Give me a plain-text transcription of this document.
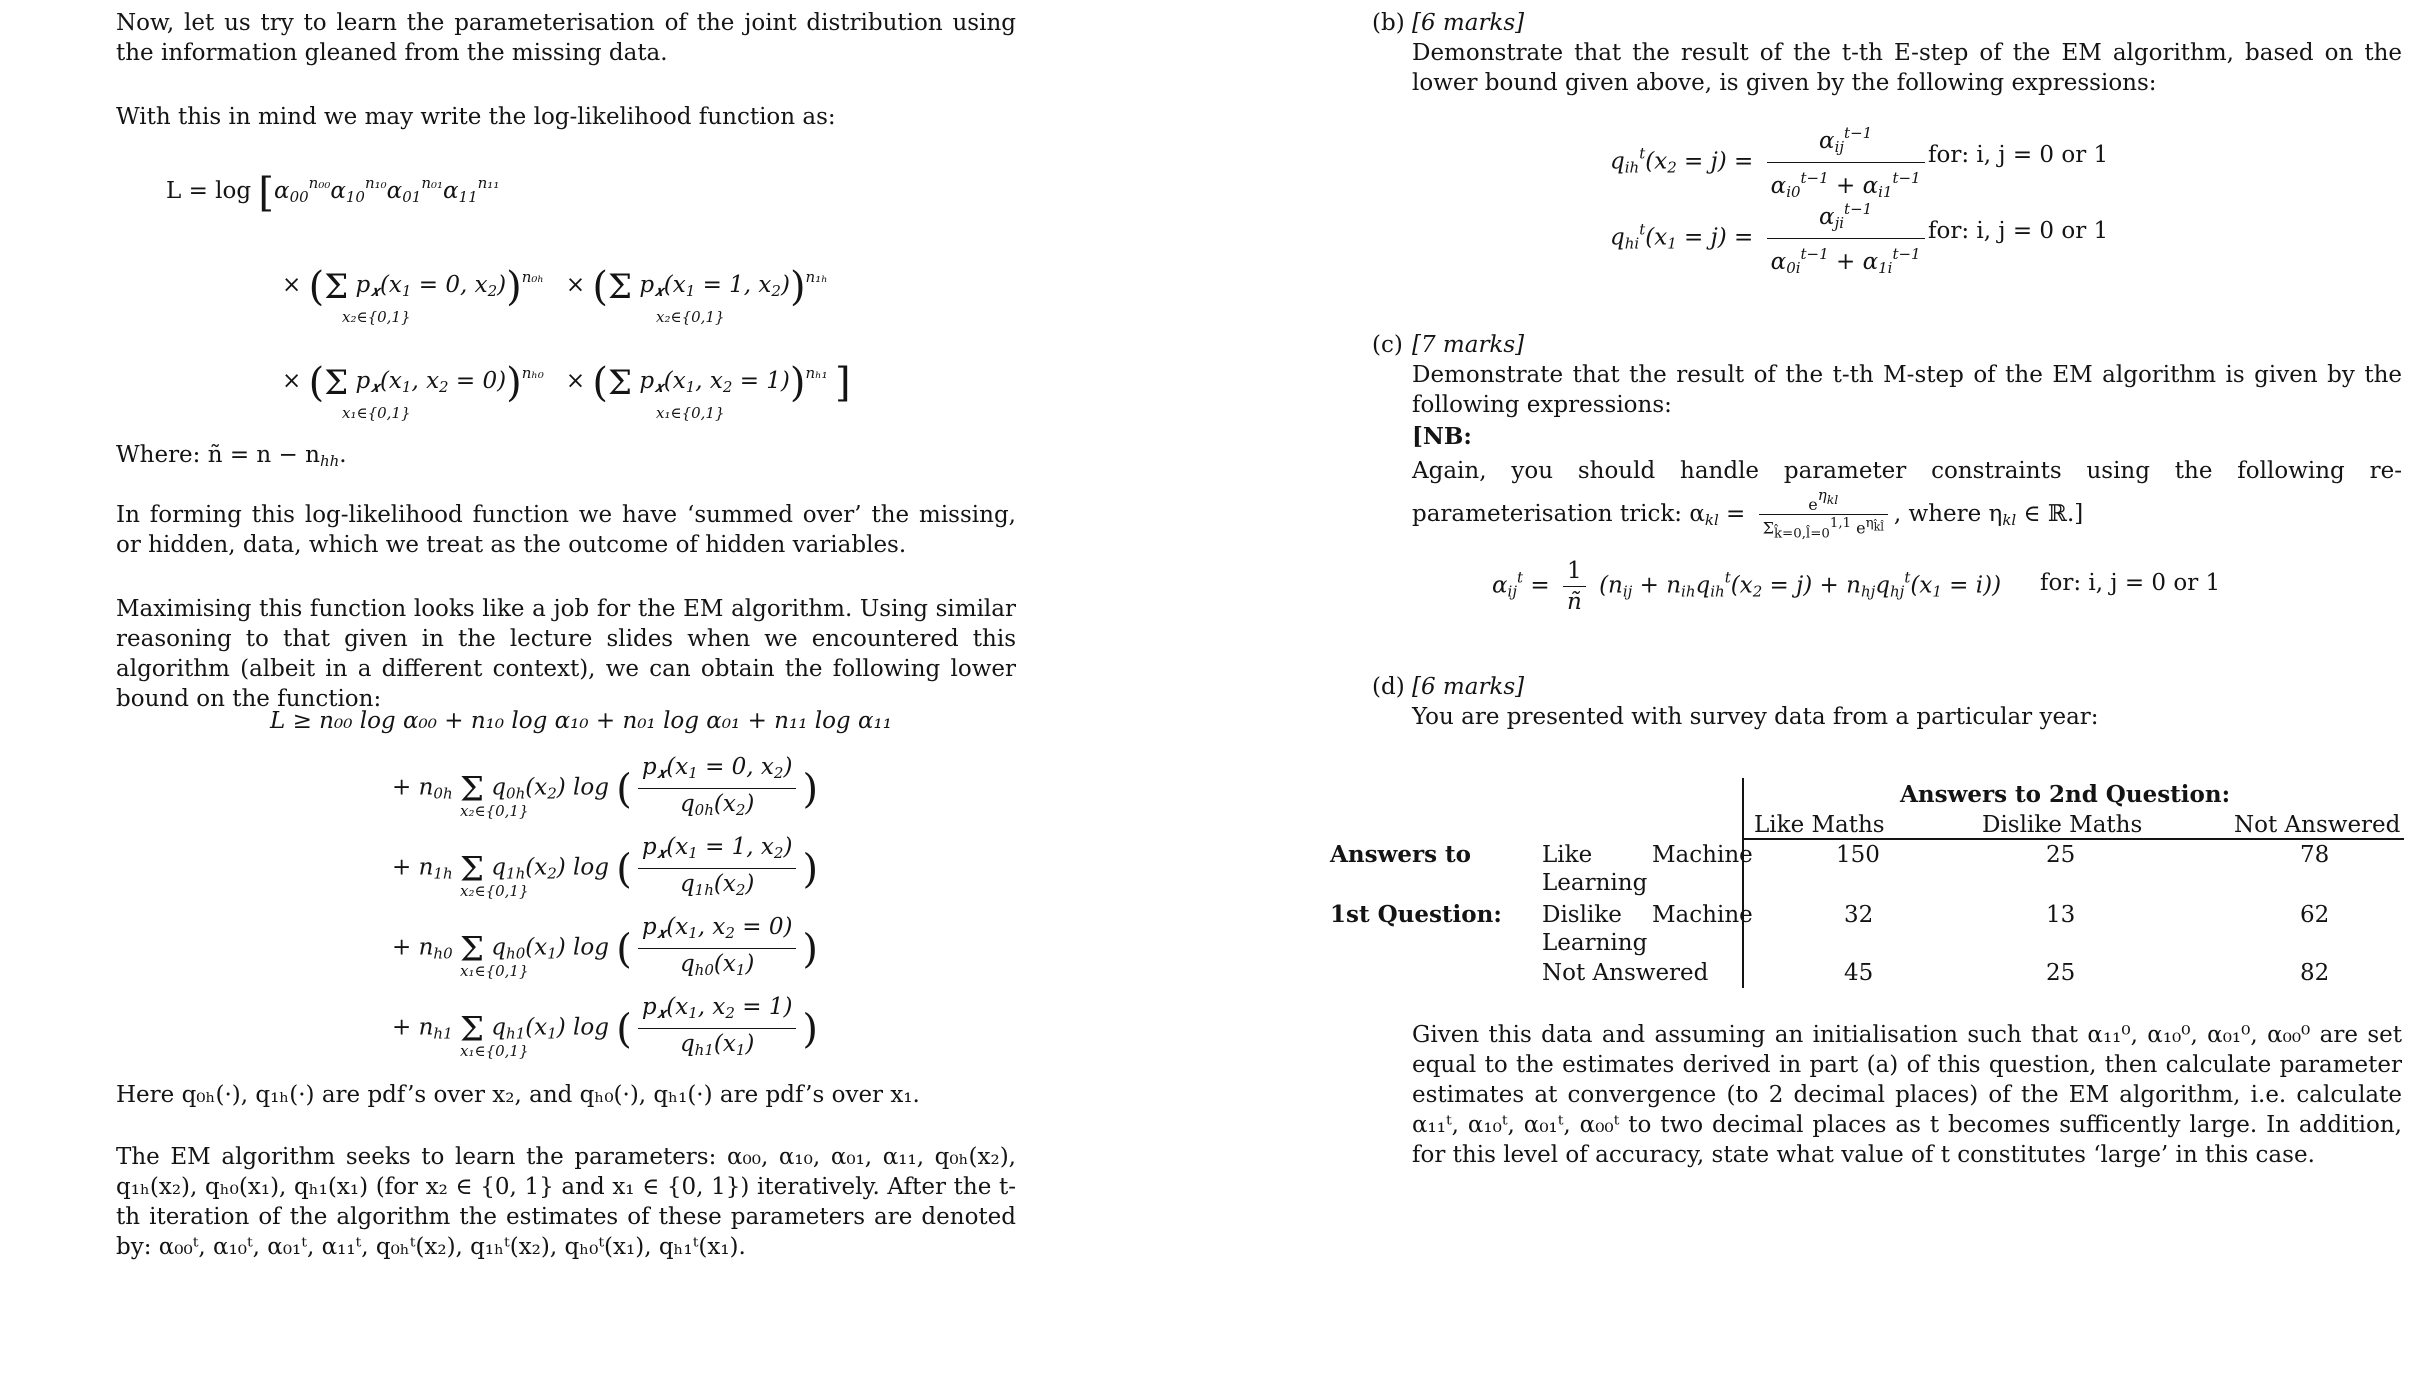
Now, let us try to learn the parameterisation of the joint distribution using the information gleaned from the missing data.

With this in mind we may write the log-likelihood function as:

$L = \log [\alpha_{00}^{n_{00}}\alpha_{10}^{n_{10}}\alpha_{01}^{n_{01}}\alpha_{11}^{n_{11}}$
× (Σ $p_𝒙(x_1 = 0$, $x_2))^{n_{0h}} \times (\Sigma$ $p_𝒙(x_1 = 1$, $x_2))^{n_{1h}}$
x₂∈{0,1}	x₂∈{0,1}
× (Σ $p_𝒙(x_1$, $x_2 = 0))^{n_{h0}} \times (\Sigma$ $p_𝒙(x_1$, $x_2 = 1))^{n_{h1}}$ ]
x₁∈{0,1}	x₁∈{0,1}

Where: ñ = $n - n_{hh}$.

In forming this log-likelihood function we have ‘summed over’ the missing, or hidden, data, which we treat as the outcome of hidden variables.

Maximising this function looks like a job for the EM algorithm. Using similar reasoning to that given in the lecture slides when we encountered this algorithm (albeit in a different context), we can obtain the following lower bound on the function:

L ≥ n₀₀ log α₀₀ + n₁₀ log α₁₀ + n₀₁ log α₀₁ + n₁₁ log α₁₁
+ $n_{0h}$ Σ $q_{0h}(x_2)$ log ( $\frac{p_𝒙(x_1 = 0, x_2)}{q_{0h}(x_2)}$ )
x₂∈{0,1}
+ $n_{1h}$ Σ $q_{1h}(x_2)$ log ( $\frac{p_𝒙(x_1 = 1, x_2)}{q_{1h}(x_2)}$ )
x₂∈{0,1}
+ $n_{h0}$ Σ $q_{h0}(x_1)$ log ( $\frac{p_𝒙(x_1, x_2 = 0)}{q_{h0}(x_1)}$ )
x₁∈{0,1}
+ $n_{h1}$ Σ $q_{h1}(x_1)$ log ( $\frac{p_𝒙(x_1, x_2 = 1)}{q_{h1}(x_1)}$ )
x₁∈{0,1}

Here q₀ₕ(·), q₁ₕ(·) are pdf’s over x₂, and qₕ₀(·), qₕ₁(·) are pdf’s over x₁.

The EM algorithm seeks to learn the parameters: α₀₀, α₁₀, α₀₁, α₁₁, q₀ₕ(x₂), q₁ₕ(x₂), qₕ₀(x₁), qₕ₁(x₁) (for x₂ ∈ {0, 1} and x₁ ∈ {0, 1}) iteratively. After the t-th iteration of the algorithm the estimates of these parameters are denoted by: α₀₀ᵗ, α₁₀ᵗ, α₀₁ᵗ, α₁₁ᵗ, q₀ₕᵗ(x₂), q₁ₕᵗ(x₂), qₕ₀ᵗ(x₁), qₕ₁ᵗ(x₁).

(b) [6 marks]

Demonstrate that the result of the t-th E-step of the EM algorithm, based on the lower bound given above, is given by the following expressions:

$q_{ih}^t(x_2 = j) = \frac{\alpha_{ij}^{t-1}}{\alpha_{i0}^{t-1} + \alpha_{i1}^{t-1}}$ for: i, j = 0 or 1
$q_{hi}^t(x_1 = j) = \frac{\alpha_{ji}^{t-1}}{\alpha_{0i}^{t-1} + \alpha_{1i}^{t-1}}$ for: i, j = 0 or 1
(c) [7 marks]

Demonstrate that the result of the t-th M-step of the EM algorithm is given by the following expressions:

[NB:

Again, you should handle parameter constraints using the following re-parameterisation trick: $\alpha_{kl} = \frac{e\eta_{kl}}{\Sigma_{k̂=0,l̂=0}^{1,1} e^{\eta_{k̂l̂}}}$ , where $\eta_{kl}$ ∈ ℝ.]

$\alpha_{ij}^t = \frac{1}{ñ} (n_{ij} + n_{ih}q_{ih}^t(x_2 = j) + n_{hj}q_{hj}^t(x_1 = i))$ for: i, j = 0 or 1
(d) [6 marks]

You are presented with survey data from a particular year:

Answers to 2nd Question:
Like Maths	Dislike Maths	Not Answered
Answers to
1st Question:
Like	Machine
Learning
150	25	78
Dislike Machine
Learning
32	13	62
Not Answered	45	25	82

Given this data and assuming an initialisation such that α₁₁⁰, α₁₀⁰, α₀₁⁰, α₀₀⁰ are set equal to the estimates derived in part (a) of this question, then calculate parameter estimates at convergence (to 2 decimal places) of the EM algorithm, i.e. calculate α₁₁ᵗ, α₁₀ᵗ, α₀₁ᵗ, α₀₀ᵗ to two decimal places as t becomes sufficently large. In addition, for this level of accuracy, state what value of t constitutes ‘large’ in this case.
